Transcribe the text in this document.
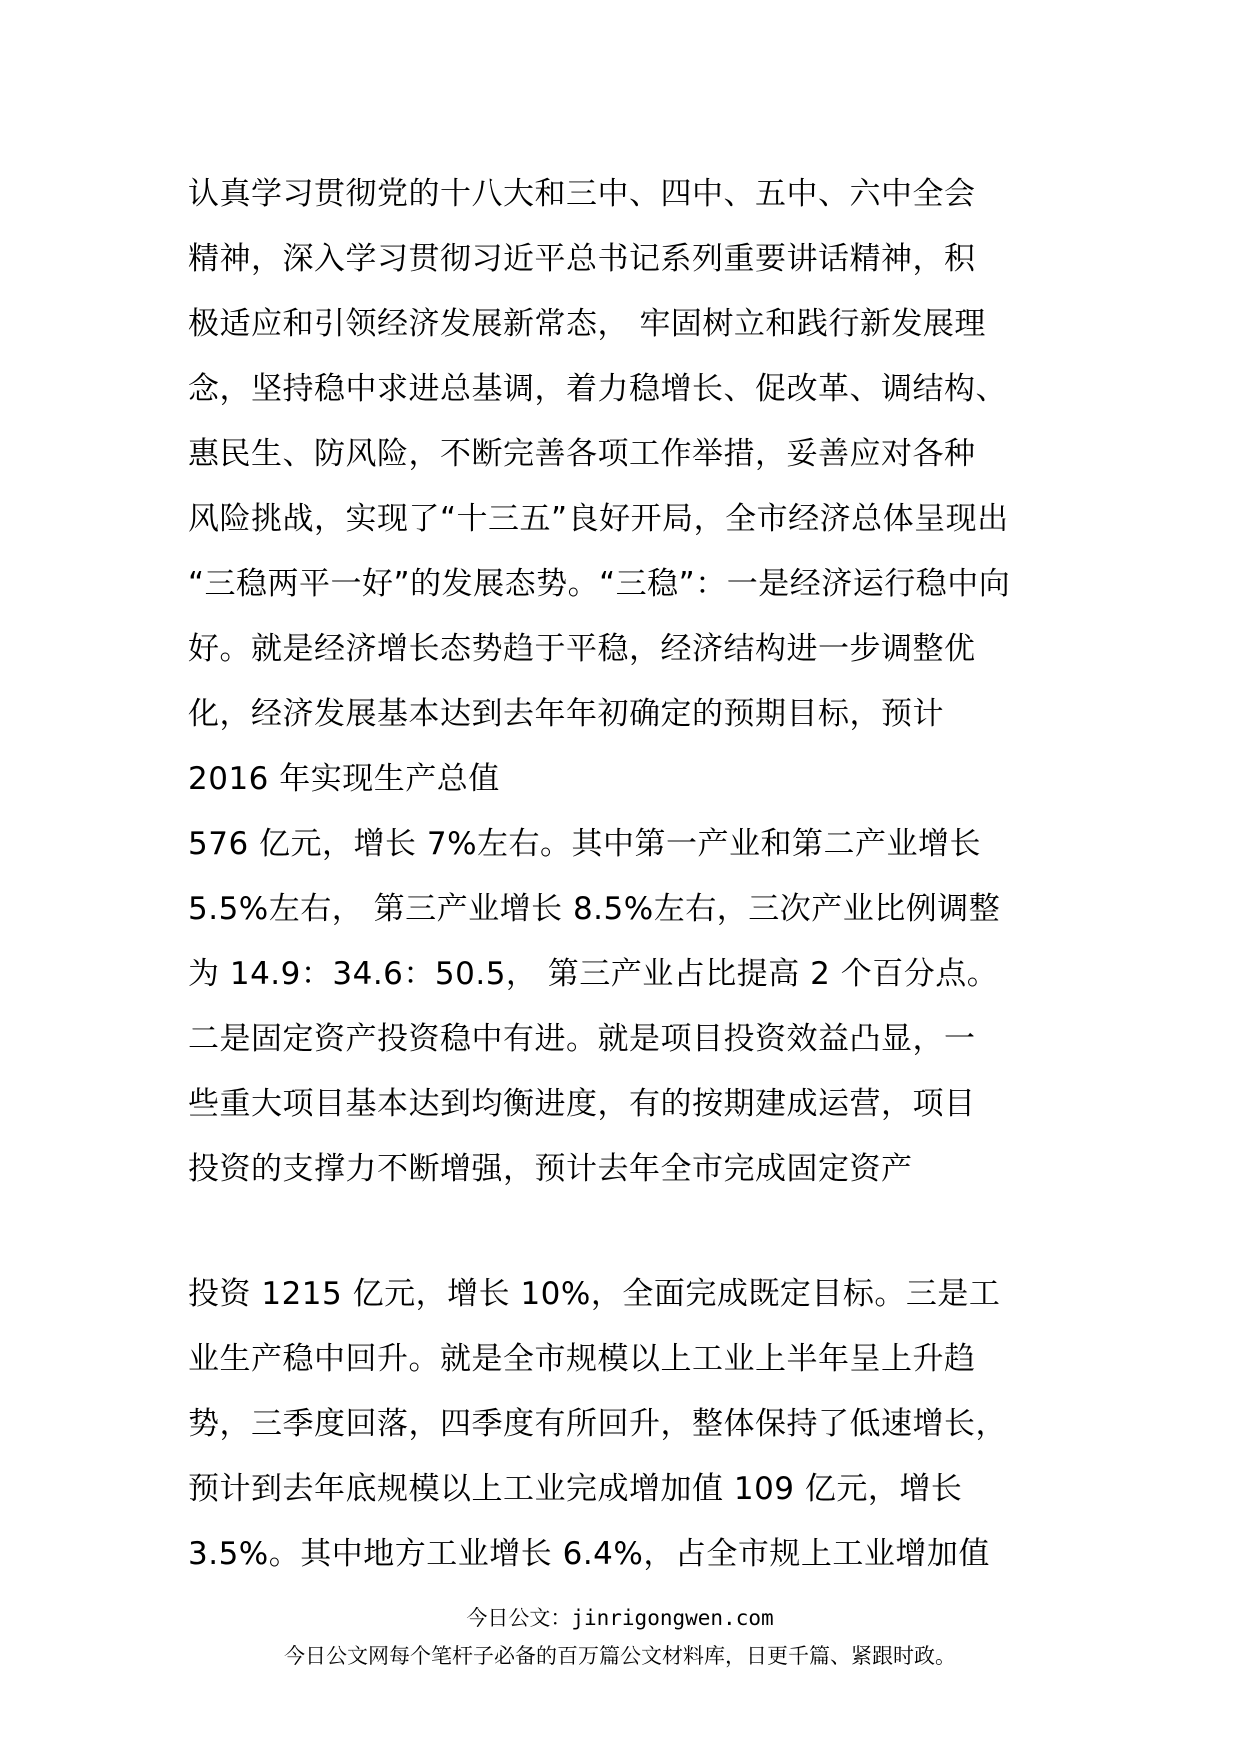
认真学习贯彻党的十八大和三中、四中、五中、六中全会

精神，深入学习贯彻习近平总书记系列重要讲话精神，积

极适应和引领经济发展新常态， 牢固树立和践行新发展理

念，坚持稳中求进总基调，着力稳增长、促改革、调结构、

惠民生、防风险，不断完善各项工作举措，妥善应对各种

风险挑战，实现了“十三五”良好开局，全市经济总体呈现出

“三稳两平一好”的发展态势。“三稳”：一是经济运行稳中向

好。就是经济增长态势趋于平稳，经济结构进一步调整优

化，经济发展基本达到去年年初确定的预期目标，预计

2016 年实现生产总值

576 亿元，增长 7%左右。其中第一产业和第二产业增长

5.5%左右， 第三产业增长 8.5%左右，三次产业比例调整

为 14.9：34.6：50.5， 第三产业占比提高 2 个百分点。

二是固定资产投资稳中有进。就是项目投资效益凸显，一

些重大项目基本达到均衡进度，有的按期建成运营，项目

投资的支撑力不断增强，预计去年全市完成固定资产

投资 1215 亿元，增长 10%，全面完成既定目标。三是工

业生产稳中回升。就是全市规模以上工业上半年呈上升趋

势，三季度回落，四季度有所回升，整体保持了低速增长，

预计到去年底规模以上工业完成增加值 109 亿元，增长

3.5%。其中地方工业增长 6.4%，占全市规上工业增加值

今日公文：jinrigongwen.com
今日公文网每个笔杆子必备的百万篇公文材料库，日更千篇、紧跟时政。
